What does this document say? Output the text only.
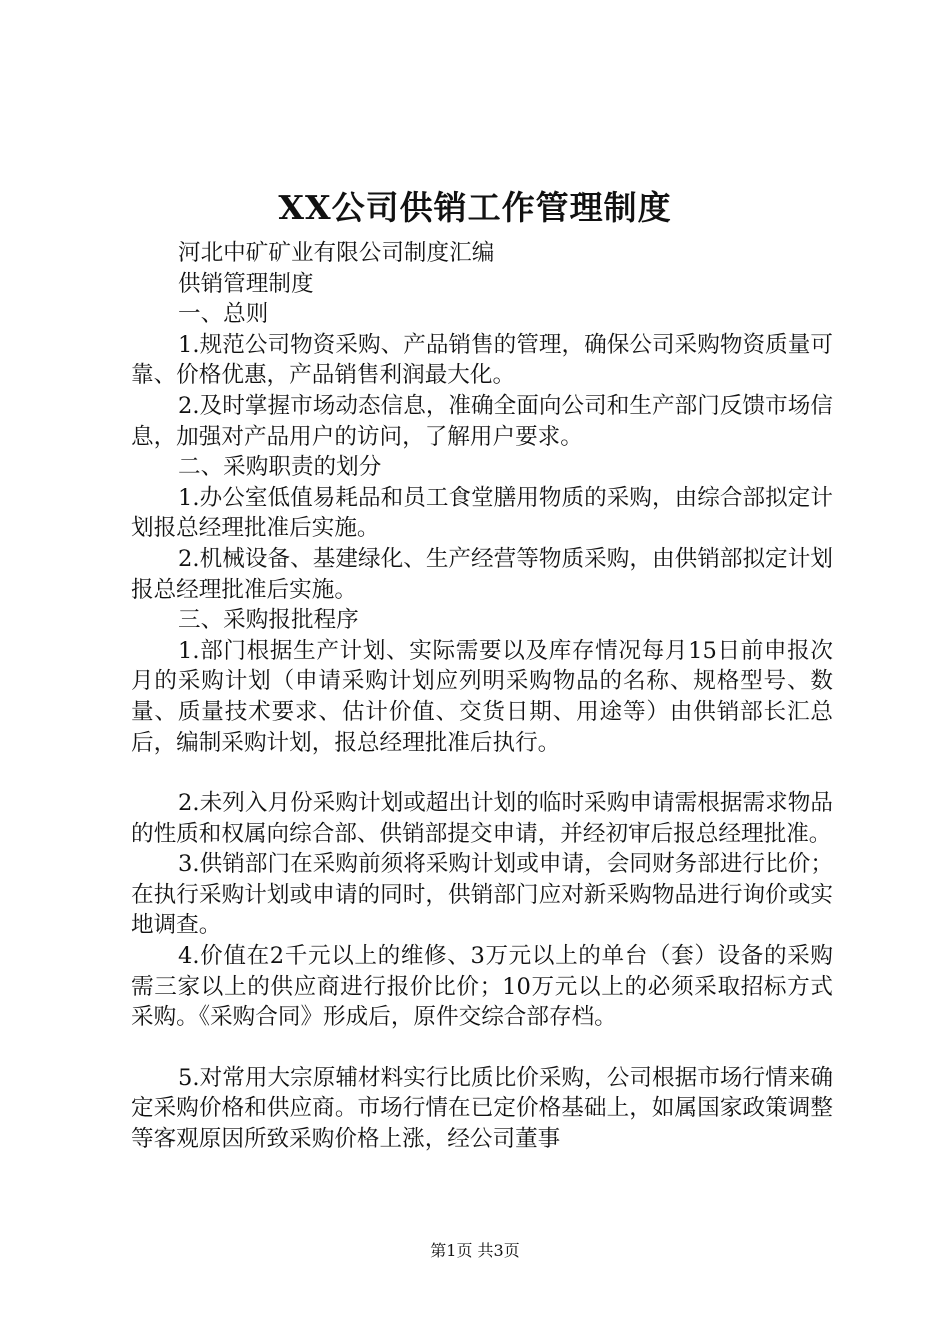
XX公司供销工作管理制度

河北中矿矿业有限公司制度汇编

供销管理制度

一、总则

1.规范公司物资采购、产品销售的管理，确保公司采购物资质量可靠、价格优惠，产品销售利润最大化。

2.及时掌握市场动态信息，准确全面向公司和生产部门反馈市场信息，加强对产品用户的访问，了解用户要求。

二、采购职责的划分

1.办公室低值易耗品和员工食堂膳用物质的采购，由综合部拟定计划报总经理批准后实施。

2.机械设备、基建绿化、生产经营等物质采购，由供销部拟定计划报总经理批准后实施。

三、采购报批程序

1.部门根据生产计划、实际需要以及库存情况每月15日前申报次月的采购计划（申请采购计划应列明采购物品的名称、规格型号、数量、质量技术要求、估计价值、交货日期、用途等）由供销部长汇总后，编制采购计划，报总经理批准后执行。

2.未列入月份采购计划或超出计划的临时采购申请需根据需求物品的性质和权属向综合部、供销部提交申请，并经初审后报总经理批准。

3.供销部门在采购前须将采购计划或申请，会同财务部进行比价；在执行采购计划或申请的同时，供销部门应对新采购物品进行询价或实地调查。

4.价值在2千元以上的维修、3万元以上的单台（套）设备的采购需三家以上的供应商进行报价比价；10万元以上的必须采取招标方式采购。《采购合同》形成后，原件交综合部存档。

5.对常用大宗原辅材料实行比质比价采购，公司根据市场行情来确定采购价格和供应商。市场行情在已定价格基础上，如属国家政策调整等客观原因所致采购价格上涨，经公司董事

第1页 共3页
